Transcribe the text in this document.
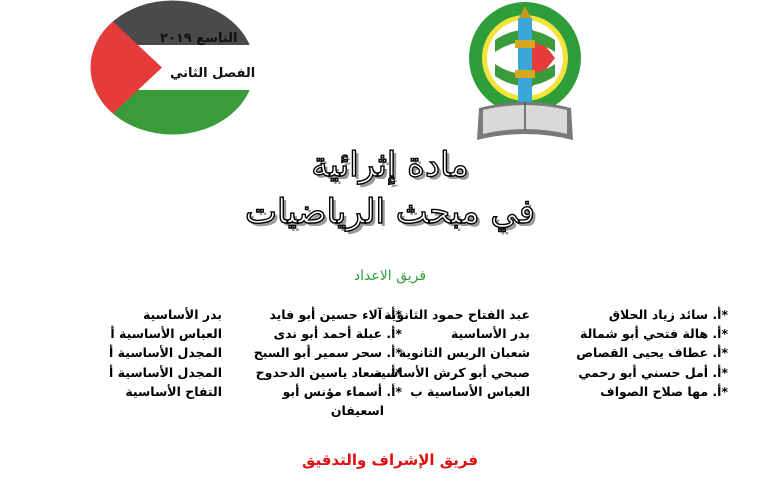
التاسع ٢٠١٩
الفصل الثاني
مادة إثرائية
في مبحث الرياضيات
فريق الاعداد
*أ. سائد زياد الحلاق
*أ. هالة فتحي أبو شمالة
*أ. عطاف يحيى القصاص
*أ. أمل حسني أبو رحمي
*أ. مها صلاح الصواف
عبد الفتاح حمود الثانوية
بدر الأساسية
شعبان الريس الثانوية
صبحي أبو كرش الأساسية
العباس الأساسية ب
*أ. آلاء حسين أبو فايد
*أ. عبلة أحمد أبو ندى
*أ. سحر سمير أبو السبح
*أ. سعاد ياسين الدحدوح
*أ. أسماء مؤنس أبو
اسعيفان
بدر الأساسية
العباس الأساسية أ
المجدل الأساسية أ
المجدل الأساسية أ
التفاح الأساسية
فريق الإشراف والتدقيق
